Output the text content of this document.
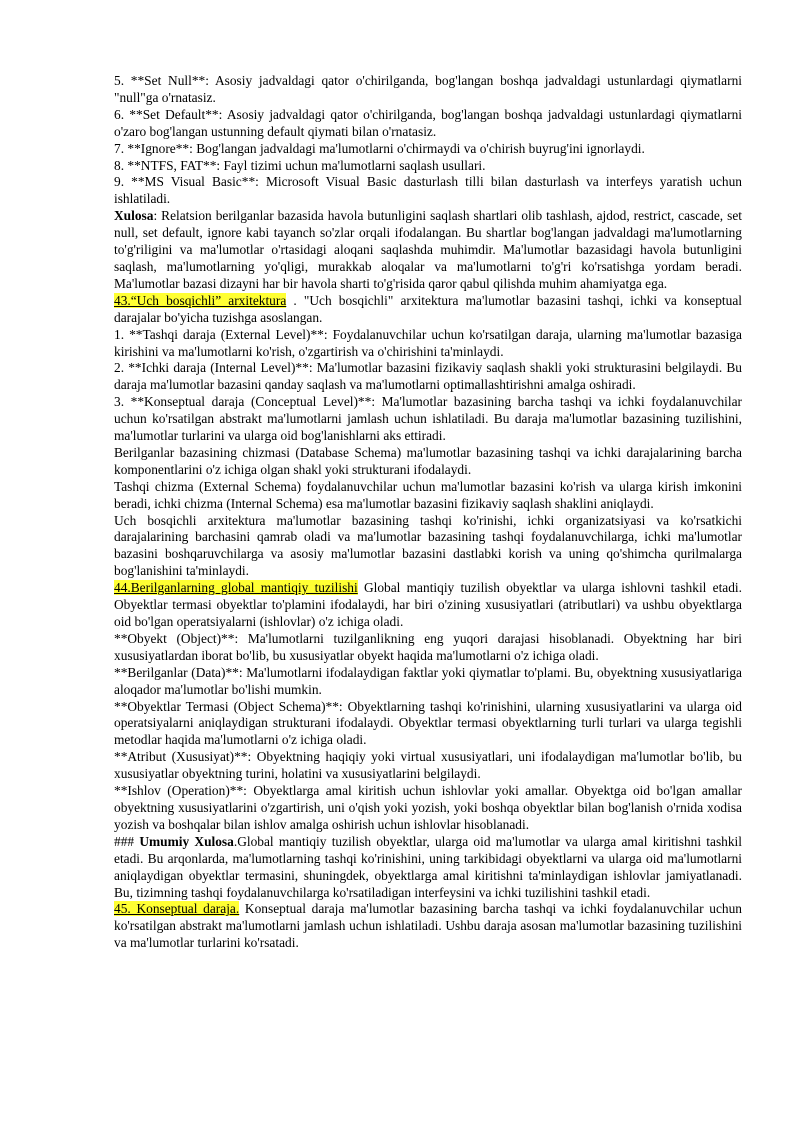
5. **Set Null**: Asosiy jadvaldagi qator o'chirilganda, bog'langan boshqa jadvaldagi ustunlardagi qiymatlarni "null"ga o'rnatasiz.

6. **Set Default**: Asosiy jadvaldagi qator o'chirilganda, bog'langan boshqa jadvaldagi ustunlardagi qiymatlarni o'zaro bog'langan ustunning default qiymati bilan o'rnatasiz.

7. **Ignore**: Bog'langan jadvaldagi ma'lumotlarni o'chirmaydi va o'chirish buyrug'ini ignorlaydi.

8. **NTFS, FAT**: Fayl tizimi uchun ma'lumotlarni saqlash usullari.

9. **MS Visual Basic**: Microsoft Visual Basic dasturlash tilli bilan dasturlash va interfeys yaratish uchun ishlatiladi.

Xulosa: Relatsion berilganlar bazasida havola butunligini saqlash shartlari olib tashlash, ajdod, restrict, cascade, set null, set default, ignore kabi tayanch so'zlar orqali ifodalangan. Bu shartlar bog'langan jadvaldagi ma'lumotlarning to'g'riligini va ma'lumotlar o'rtasidagi aloqani saqlashda muhimdir. Ma'lumotlar bazasidagi havola butunligini saqlash, ma'lumotlarning yo'qligi, murakkab aloqalar va ma'lumotlarni to'g'ri ko'rsatishga yordam beradi. Ma'lumotlar bazasi dizayni har bir havola sharti to'g'risida qaror qabul qilishda muhim ahamiyatga ega.

43.“Uch bosqichli” arxitektura . "Uch bosqichli" arxitektura ma'lumotlar bazasini tashqi, ichki va konseptual darajalar bo'yicha tuzishga asoslangan.

1. **Tashqi daraja (External Level)**: Foydalanuvchilar uchun ko'rsatilgan daraja, ularning ma'lumotlar bazasiga kirishini va ma'lumotlarni ko'rish, o'zgartirish va o'chirishini ta'minlaydi.

2. **Ichki daraja (Internal Level)**: Ma'lumotlar bazasini fizikaviy saqlash shakli yoki strukturasini belgilaydi. Bu daraja ma'lumotlar bazasini qanday saqlash va ma'lumotlarni optimallashtirishni amalga oshiradi.

3. **Konseptual daraja (Conceptual Level)**: Ma'lumotlar bazasining barcha tashqi va ichki foydalanuvchilar uchun ko'rsatilgan abstrakt ma'lumotlarni jamlash uchun ishlatiladi. Bu daraja ma'lumotlar bazasining tuzilishini, ma'lumotlar turlarini va ularga oid bog'lanishlarni aks ettiradi.

Berilganlar bazasining chizmasi (Database Schema) ma'lumotlar bazasining tashqi va ichki darajalarining barcha komponentlarini o'z ichiga olgan shakl yoki strukturani ifodalaydi.

Tashqi chizma (External Schema) foydalanuvchilar uchun ma'lumotlar bazasini ko'rish va ularga kirish imkonini beradi, ichki chizma (Internal Schema) esa ma'lumotlar bazasini fizikaviy saqlash shaklini aniqlaydi.

Uch bosqichli arxitektura ma'lumotlar bazasining tashqi ko'rinishi, ichki organizatsiyasi va ko'rsatkichi darajalarining barchasini qamrab oladi va ma'lumotlar bazasining tashqi foydalanuvchilarga, ichki ma'lumotlar bazasini boshqaruvchilarga va asosiy ma'lumotlar bazasini dastlabki korish va uning qo'shimcha qurilmalarga bog'lanishini ta'minlaydi.

44.Berilganlarning global mantiqiy tuzilishi Global mantiqiy tuzilish obyektlar va ularga ishlovni tashkil etadi. Obyektlar termasi obyektlar to'plamini ifodalaydi, har biri o'zining xususiyatlari (atributlari) va ushbu obyektlarga oid bo'lgan operatsiyalarni (ishlovlar) o'z ichiga oladi.

**Obyekt (Object)**: Ma'lumotlarni tuzilganlikning eng yuqori darajasi hisoblanadi. Obyektning har biri xususiyatlardan iborat bo'lib, bu xususiyatlar obyekt haqida ma'lumotlarni o'z ichiga oladi.

**Berilganlar (Data)**: Ma'lumotlarni ifodalaydigan faktlar yoki qiymatlar to'plami. Bu, obyektning xususiyatlariga aloqador ma'lumotlar bo'lishi mumkin.

**Obyektlar Termasi (Object Schema)**: Obyektlarning tashqi ko'rinishini, ularning xususiyatlarini va ularga oid operatsiyalarni aniqlaydigan strukturani ifodalaydi. Obyektlar termasi obyektlarning turli turlari va ularga tegishli metodlar haqida ma'lumotlarni o'z ichiga oladi.

**Atribut (Xususiyat)**: Obyektning haqiqiy yoki virtual xususiyatlari, uni ifodalaydigan ma'lumotlar bo'lib, bu xususiyatlar obyektning turini, holatini va xususiyatlarini belgilaydi.

**Ishlov (Operation)**: Obyektlarga amal kiritish uchun ishlovlar yoki amallar. Obyektga oid bo'lgan amallar obyektning xususiyatlarini o'zgartirish, uni o'qish yoki yozish, yoki boshqa obyektlar bilan bog'lanish o'rnida xodisa yozish va boshqalar bilan ishlov amalga oshirish uchun ishlovlar hisoblanadi.

### Umumiy Xulosa.Global mantiqiy tuzilish obyektlar, ularga oid ma'lumotlar va ularga amal kiritishni tashkil etadi. Bu arqonlarda, ma'lumotlarning tashqi ko'rinishini, uning tarkibidagi obyektlarni va ularga oid ma'lumotlarni aniqlaydigan obyektlar termasini, shuningdek, obyektlarga amal kiritishni ta'minlaydigan ishlovlar jamiyatlanadi. Bu, tizimning tashqi foydalanuvchilarga ko'rsatiladigan interfeysini va ichki tuzilishini tashkil etadi.

45. Konseptual daraja. Konseptual daraja ma'lumotlar bazasining barcha tashqi va ichki foydalanuvchilar uchun ko'rsatilgan abstrakt ma'lumotlarni jamlash uchun ishlatiladi. Ushbu daraja asosan ma'lumotlar bazasining tuzilishini va ma'lumotlar turlarini ko'rsatadi.
